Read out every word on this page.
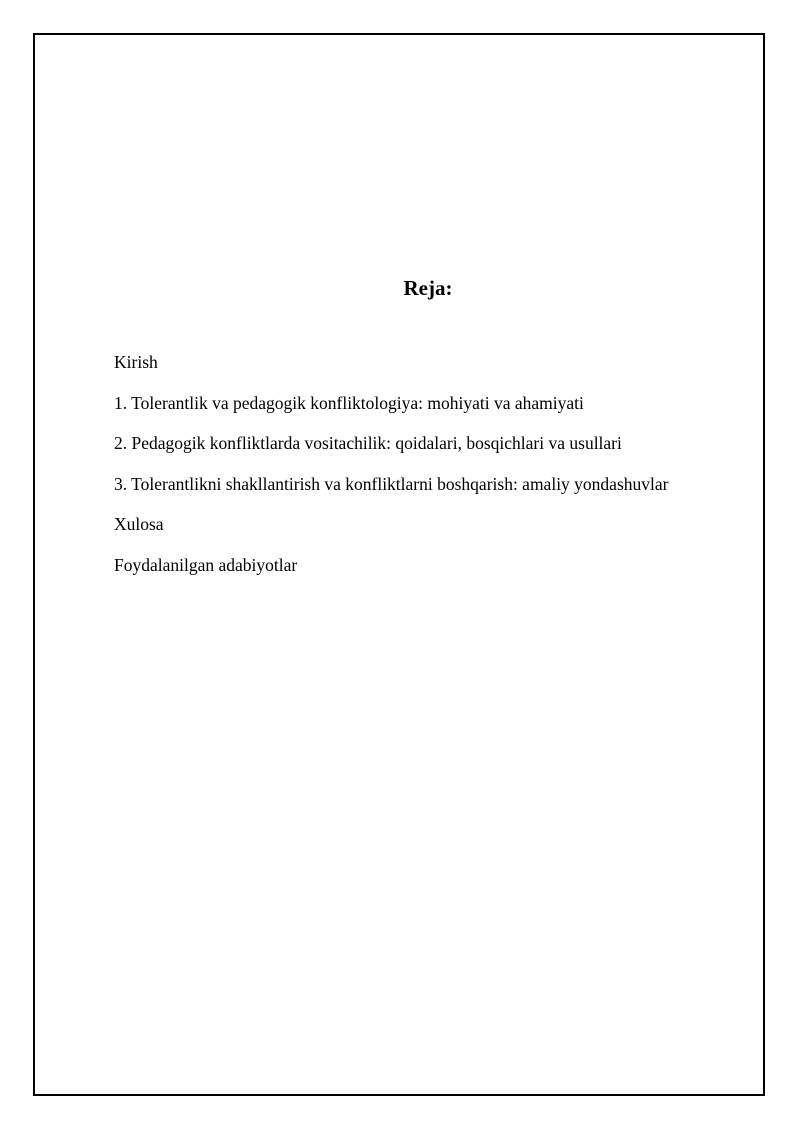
Reja:
Kirish
1. Tolerantlik va pedagogik konfliktologiya: mohiyati va ahamiyati
2. Pedagogik konfliktlarda vositachilik: qoidalari, bosqichlari va usullari
3. Tolerantlikni shakllantirish va konfliktlarni boshqarish: amaliy yondashuvlar
Xulosa
Foydalanilgan adabiyotlar
